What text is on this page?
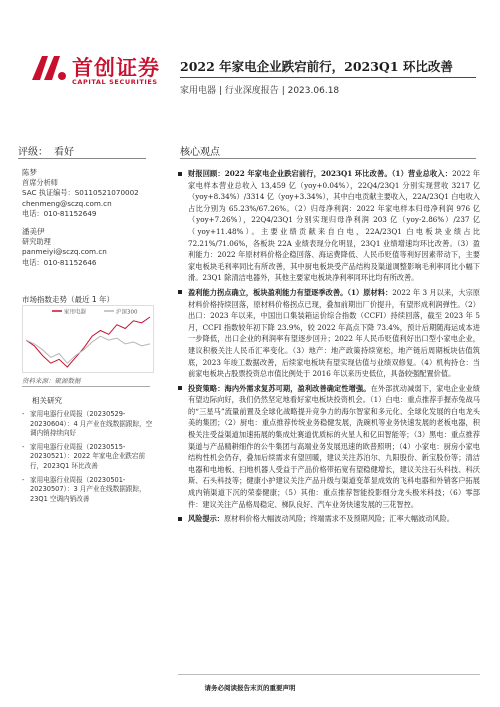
首创证券
CAPITAL SECURITIES
2022 年家电企业跌宕前行，2023Q1 环比改善
家用电器 | 行业深度报告 | 2023.06.18
评级： 看好	核心观点
陈梦
首席分析师
SAC 执证编号：S0110521070002
chenmeng@sczq.com.cn
电话：010-81152649
潘美伊
研究助理
panmeiyi@sczq.com.cn
电话：010-81152646
市场指数走势（最近 1 年）
家用电器	沪深300
资料来源：聚源数据
相关研究
- 家用电器行业周报（20230529-20230604）：4 月产业在线数据跟踪，空调内销持续向好
- 家用电器行业周报（20230515-20230521）：2022 年家电企业跌宕前行，2023Q1 环比改善
- 家用电器行业周报（20230501-20230507）：3 月产业在线数据跟踪，23Q1 空调内销改善
财报回顾：2022 年家电企业跌宕前行，2023Q1 环比改善。（1）营业总收入：2022 年家电样本营业总收入 13,459 亿（yoy+0.04%），22Q4/23Q1 分别实现营收 3217 亿（yoy+8.34%）/3314 亿（yoy+3.34%），其中白电贡献主要收入，22A/23Q1 白电收入占比分别为 65.23%/67.26%。（2）归母净利润：2022 年家电样本归母净利润 976 亿（yoy+7.26%），22Q4/23Q1 分别实现归母净利润 203 亿（yoy-2.86%）/237 亿（yoy+11.48%）。主要业绩贡献来自白电，22A/23Q1 白电板块业绩占比 72.21%/71.06%，各板块 22A 业绩表现分化明显，23Q1 业绩增速均环比改善。（3）盈利能力：2022 年原材料价格企稳回落、海运费降低、人民币贬值等利好因素带动下，主要家电板块毛利率同比有所改善，其中厨电板块受产品结构及渠道调整影响毛利率同比小幅下滑。23Q1 除清洁电器外，其他主要家电板块净利率同环比均有所改善。
盈利能力拐点确立，板块盈利能力有望逐季改善。（1）原材料：2022 年 3 月以来，大宗原材料价格持续回落，原材料价格拐点已现，叠加前期出厂价提升，有望形成利润弹性。（2）出口：2023 年以来，中国出口集装箱运价综合指数（CCFI）持续回落，截至 2023 年 5 月，CCFI 指数较年初下降 23.9%，较 2022 年高点下降 73.4%，预计后期随海运成本进一步降低，出口企业的利润率有望逐步回升；2022 年人民币贬值利好出口型小家电企业，建议积极关注人民币汇率变化。（3）地产：地产政策持续宽松，地产链后周期板块估值筑底，2023 年竣工数据改善，后续家电板块有望实现估值与业绩双修复。（4）机构持仓：当前家电板块占股票投资总市值比例处于 2016 年以来历史低位，具备较强配置价值。
投资策略：海内外需求复苏可期，盈利改善确定性增强。在外部扰动减弱下，家电企业业绩有望边际向好，我们仍然坚定地看好家电板块投资机会。（1）白电：重点推荐手握赤兔战马的“三星马”流量前置及全球化战略提升竞争力的海尔智家和多元化、全球化发展的白电龙头美的集团；（2）厨电：重点推荐传统业务稳健发展，洗碗机等业务快速发展的老板电器，积极关注受益渠道加速拓展的集成灶赛道优质标的火星人和亿田智能等；（3）黑电：重点推荐渠道与产品精耕细作的公牛集团与高端业务发展迅速的欧普照明；（4）小家电：厨房小家电结构性机会仍存，叠加后续需求有望回暖，建议关注苏泊尔、九阳股份、新宝股份等；清洁电器和电地板、扫地机器人受益于产品价格带拓宽有望稳健增长，建议关注石头科技、科沃斯、石头科技等；健康小护建议关注产品升级与渠道变革显成效的飞科电器和外销客户拓展成内销渠道下沉的荣泰健康；（5）其他：重点推荐智能投影细分龙头极米科技；（6）零部件：建议关注产品格局稳定、梯队良好、汽车业务快速发展的三花智控。
风险提示：原材料价格大幅波动风险；终端需求不及预期风险；汇率大幅波动风险。
请务必阅读报告末页的重要声明
